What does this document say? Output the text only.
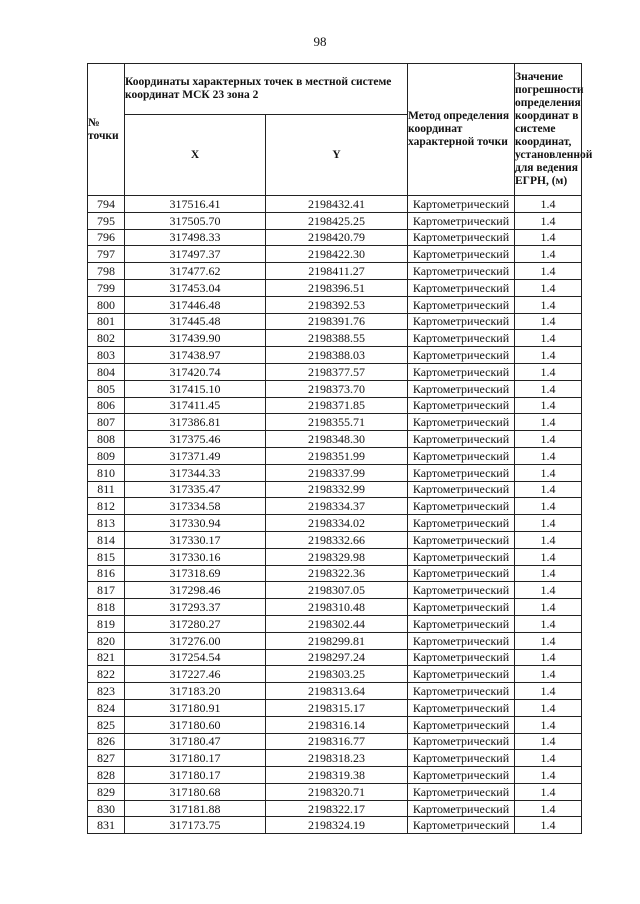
98
№ точки	Координаты характерных точек в местной системе координат МСК 23 зона 2		Метод определения координат характерной точки	Значение погрешности определения координат в системе координат, установленной для ведения ЕГРН, (м)
	X	Y		
794	317516.41	2198432.41	Картометрический	1.4
795	317505.70	2198425.25	Картометрический	1.4
796	317498.33	2198420.79	Картометрический	1.4
797	317497.37	2198422.30	Картометрический	1.4
798	317477.62	2198411.27	Картометрический	1.4
799	317453.04	2198396.51	Картометрический	1.4
800	317446.48	2198392.53	Картометрический	1.4
801	317445.48	2198391.76	Картометрический	1.4
802	317439.90	2198388.55	Картометрический	1.4
803	317438.97	2198388.03	Картометрический	1.4
804	317420.74	2198377.57	Картометрический	1.4
805	317415.10	2198373.70	Картометрический	1.4
806	317411.45	2198371.85	Картометрический	1.4
807	317386.81	2198355.71	Картометрический	1.4
808	317375.46	2198348.30	Картометрический	1.4
809	317371.49	2198351.99	Картометрический	1.4
810	317344.33	2198337.99	Картометрический	1.4
811	317335.47	2198332.99	Картометрический	1.4
812	317334.58	2198334.37	Картометрический	1.4
813	317330.94	2198334.02	Картометрический	1.4
814	317330.17	2198332.66	Картометрический	1.4
815	317330.16	2198329.98	Картометрический	1.4
816	317318.69	2198322.36	Картометрический	1.4
817	317298.46	2198307.05	Картометрический	1.4
818	317293.37	2198310.48	Картометрический	1.4
819	317280.27	2198302.44	Картометрический	1.4
820	317276.00	2198299.81	Картометрический	1.4
821	317254.54	2198297.24	Картометрический	1.4
822	317227.46	2198303.25	Картометрический	1.4
823	317183.20	2198313.64	Картометрический	1.4
824	317180.91	2198315.17	Картометрический	1.4
825	317180.60	2198316.14	Картометрический	1.4
826	317180.47	2198316.77	Картометрический	1.4
827	317180.17	2198318.23	Картометрический	1.4
828	317180.17	2198319.38	Картометрический	1.4
829	317180.68	2198320.71	Картометрический	1.4
830	317181.88	2198322.17	Картометрический	1.4
831	317173.75	2198324.19	Картометрический	1.4
